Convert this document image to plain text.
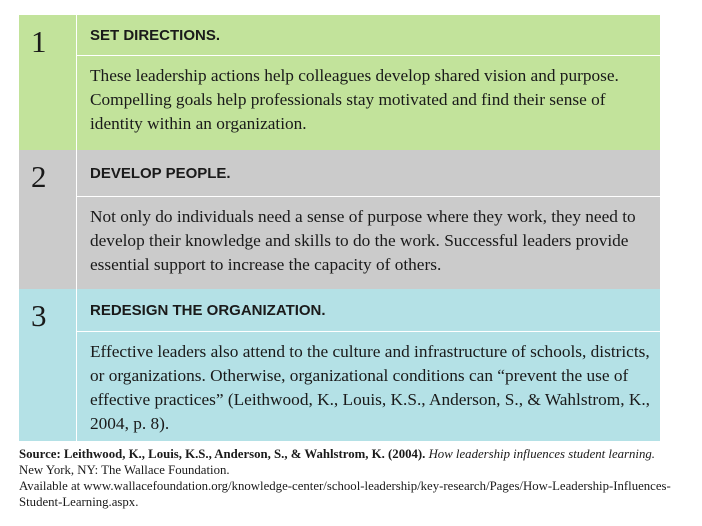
1	SET DIRECTIONS.
These leadership actions help colleagues develop shared vision and purpose. Compelling goals help professionals stay motivated and find their sense of identity within an organization.
2	DEVELOP PEOPLE.
Not only do individuals need a sense of purpose where they work, they need to develop their knowledge and skills to do the work. Successful leaders provide essential support to increase the capacity of others.
3	REDESIGN THE ORGANIZATION.
Effective leaders also attend to the culture and infrastructure of schools, districts, or organizations. Otherwise, organizational conditions can “prevent the use of effective practices” (Leithwood, K., Louis, K.S., Anderson, S., & Wahlstrom, K., 2004, p. 8).
Source: Leithwood, K., Louis, K.S., Anderson, S., & Wahlstrom, K. (2004). How leadership influences student learning. New York, NY: The Wallace Foundation.
Available at www.wallacefoundation.org/knowledge-center/school-leadership/key-research/Pages/How-Leadership-Influences-Student-Learning.aspx.
